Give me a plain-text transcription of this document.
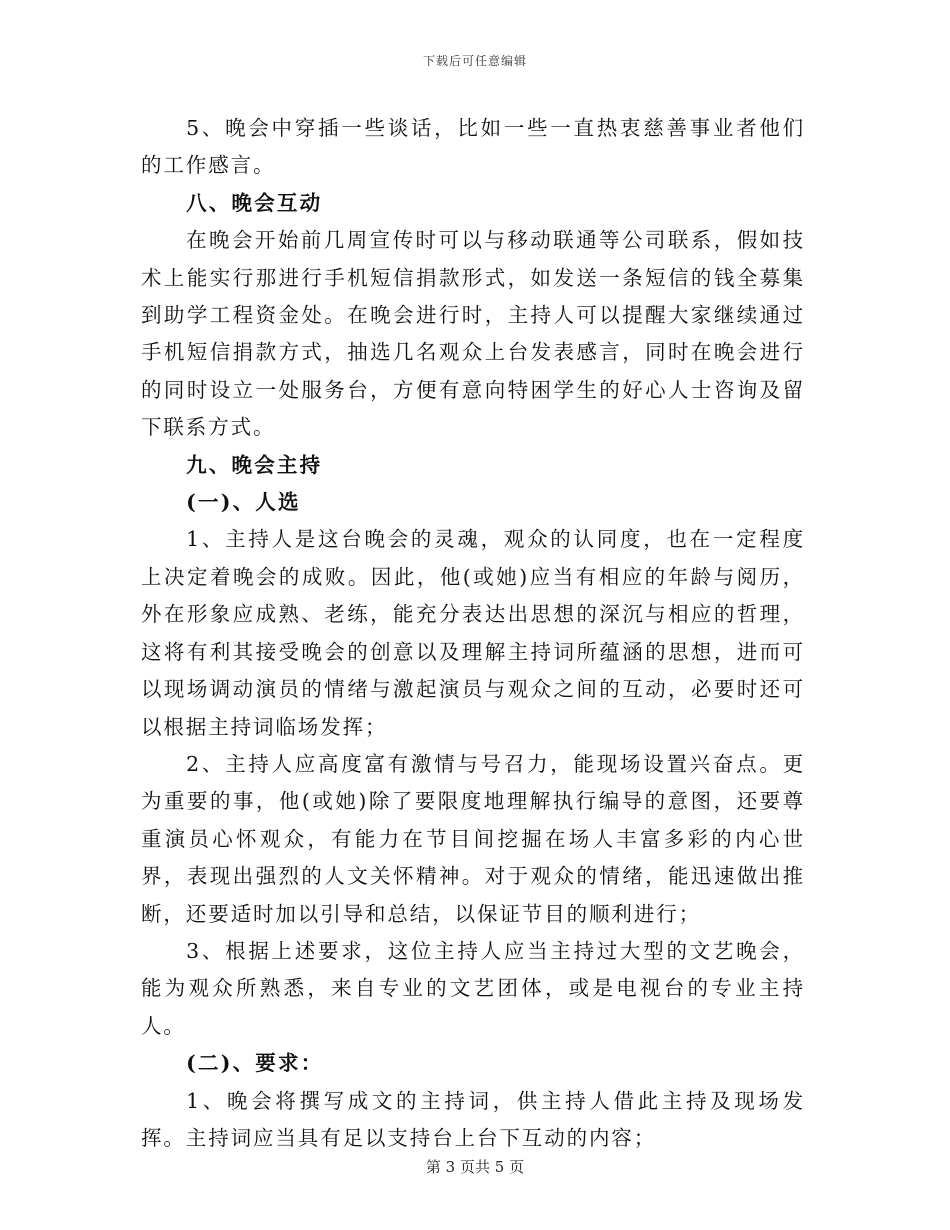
下载后可任意编辑

5、晚会中穿插一些谈话，比如一些一直热衷慈善事业者他们的工作感言。

八、晚会互动

在晚会开始前几周宣传时可以与移动联通等公司联系，假如技术上能实行那进行手机短信捐款形式，如发送一条短信的钱全募集到助学工程资金处。在晚会进行时，主持人可以提醒大家继续通过手机短信捐款方式，抽选几名观众上台发表感言，同时在晚会进行的同时设立一处服务台，方便有意向特困学生的好心人士咨询及留下联系方式。

九、晚会主持

(一)、人选

1、主持人是这台晚会的灵魂，观众的认同度，也在一定程度上决定着晚会的成败。因此，他(或她)应当有相应的年龄与阅历，外在形象应成熟、老练，能充分表达出思想的深沉与相应的哲理，这将有利其接受晚会的创意以及理解主持词所蕴涵的思想，进而可以现场调动演员的情绪与激起演员与观众之间的互动，必要时还可以根据主持词临场发挥；

2、主持人应高度富有激情与号召力，能现场设置兴奋点。更为重要的事，他(或她)除了要限度地理解执行编导的意图，还要尊重演员心怀观众，有能力在节目间挖掘在场人丰富多彩的内心世界，表现出强烈的人文关怀精神。对于观众的情绪，能迅速做出推断，还要适时加以引导和总结，以保证节目的顺利进行；

3、根据上述要求，这位主持人应当主持过大型的文艺晚会，能为观众所熟悉，来自专业的文艺团体，或是电视台的专业主持人。

(二)、要求：

1、晚会将撰写成文的主持词，供主持人借此主持及现场发挥。主持词应当具有足以支持台上台下互动的内容；

第 3 页共 5 页
